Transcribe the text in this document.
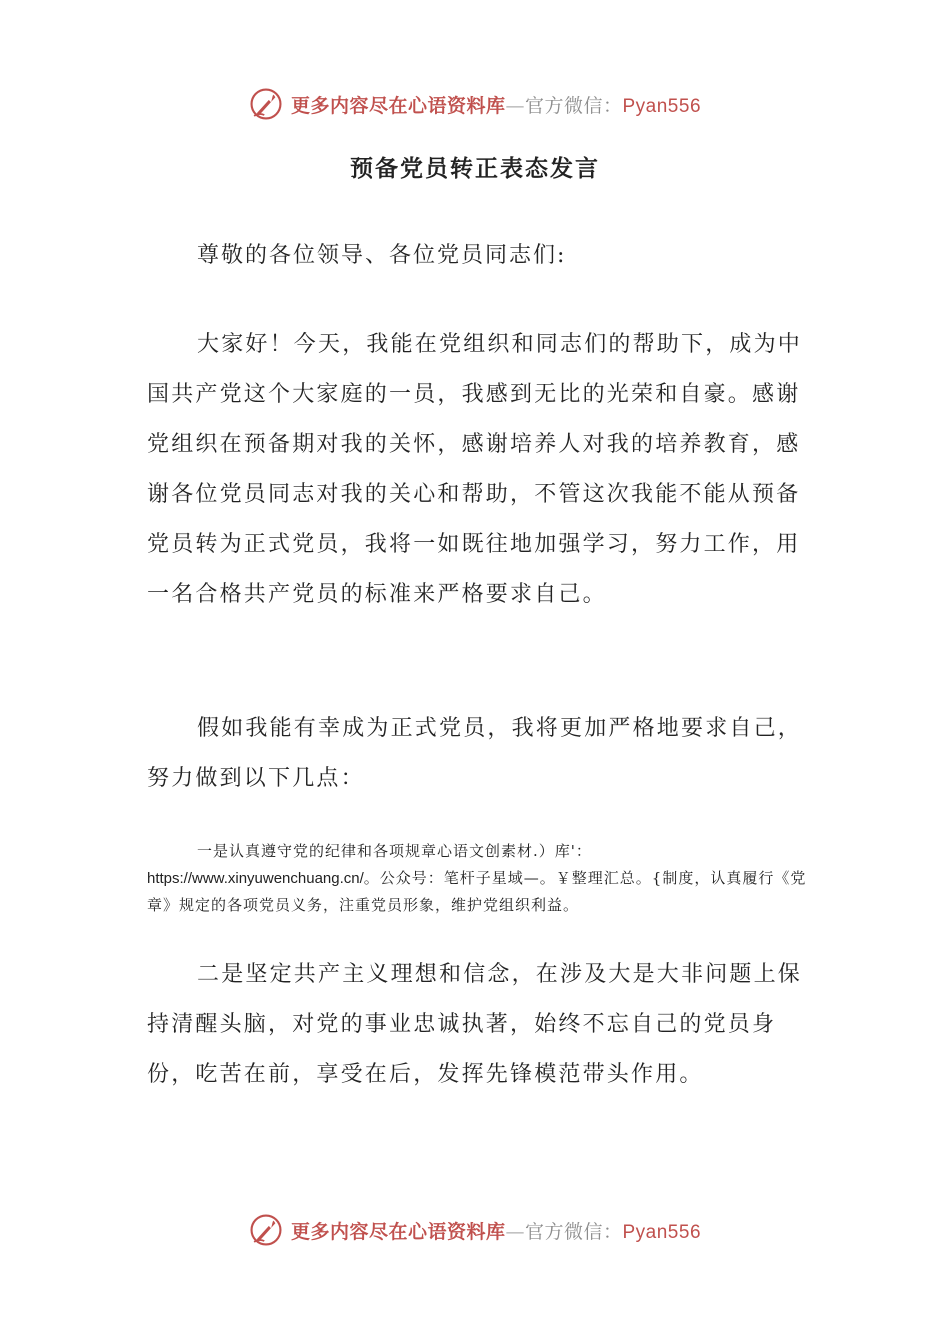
更多内容尽在心语资料库—官方微信：Pyan556
预备党员转正表态发言

尊敬的各位领导、各位党员同志们:

大家好！今天，我能在党组织和同志们的帮助下，成为中国共产党这个大家庭的一员，我感到无比的光荣和自豪。感谢党组织在预备期对我的关怀，感谢培养人对我的培养教育，感谢各位党员同志对我的关心和帮助，不管这次我能不能从预备党员转为正式党员，我将一如既往地加强学习，努力工作，用一名合格共产党员的标准来严格要求自己。

假如我能有幸成为正式党员，我将更加严格地要求自己，努力做到以下几点：

一是认真遵守党的纪律和各项规章心语文创素材.）库'：https://www.xinyuwenchuang.cn/。公众号：笔杆子星域—。￥整理汇总。{制度，认真履行《党章》规定的各项党员义务，注重党员形象，维护党组织利益。

二是坚定共产主义理想和信念，在涉及大是大非问题上保持清醒头脑，对党的事业忠诚执著，始终不忘自己的党员身份，吃苦在前，享受在后，发挥先锋模范带头作用。

更多内容尽在心语资料库—官方微信：Pyan556
